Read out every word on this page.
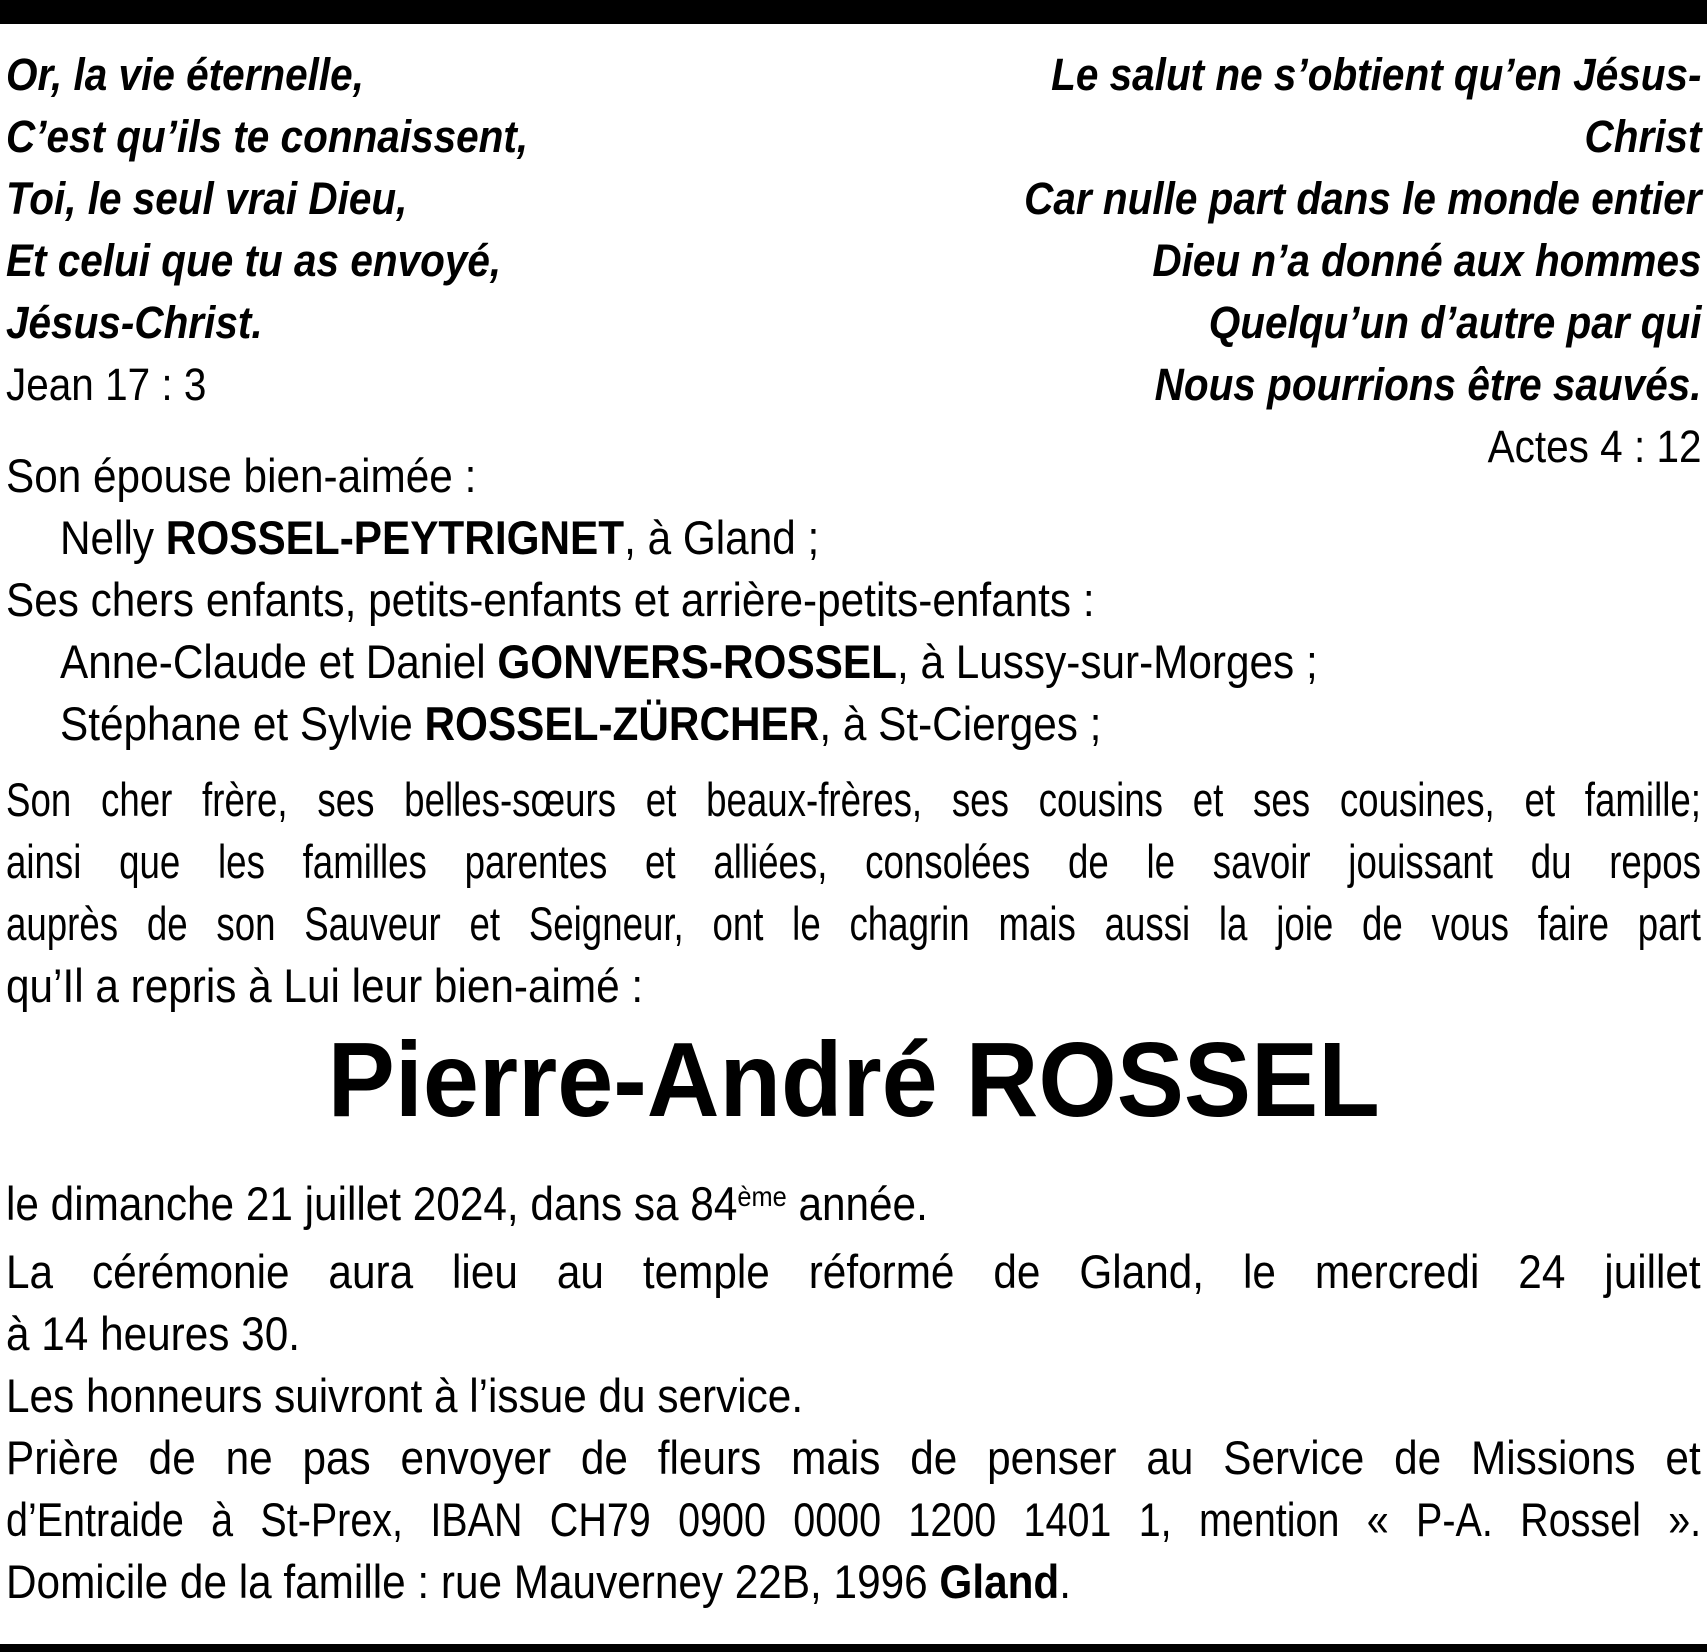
Or, la vie éternelle,
C’est qu’ils te connaissent,
Toi, le seul vrai Dieu,
Et celui que tu as envoyé,
Jésus-Christ.
Jean 17 : 3
Le salut ne s’obtient qu’en Jésus-Christ
Car nulle part dans le monde entier
Dieu n’a donné aux hommes
Quelqu’un d’autre par qui
Nous pourrions être sauvés.
Actes 4 : 12
Son épouse bien-aimée :
Nelly ROSSEL-PEYTRIGNET, à Gland ;
Ses chers enfants, petits-enfants et arrière-petits-enfants :
Anne-Claude et Daniel GONVERS-ROSSEL, à Lussy-sur-Morges ;
Stéphane et Sylvie ROSSEL-ZÜRCHER, à St-Cierges ;
Son cher frère, ses belles-sœurs et beaux-frères, ses cousins et ses cousines, et famille;
ainsi que les familles parentes et alliées, consolées de le savoir jouissant du repos
auprès de son Sauveur et Seigneur, ont le chagrin mais aussi la joie de vous faire part
qu’Il a repris à Lui leur bien-aimé :
Pierre-André ROSSEL
le dimanche 21 juillet 2024, dans sa 84ème année.
La cérémonie aura lieu au temple réformé de Gland, le mercredi 24 juillet
à 14 heures 30.
Les honneurs suivront à l’issue du service.
Prière de ne pas envoyer de fleurs mais de penser au Service de Missions et
d’Entraide à St-Prex, IBAN CH79 0900 0000 1200 1401 1, mention « P-A. Rossel ».
Domicile de la famille : rue Mauverney 22B, 1996 Gland.
